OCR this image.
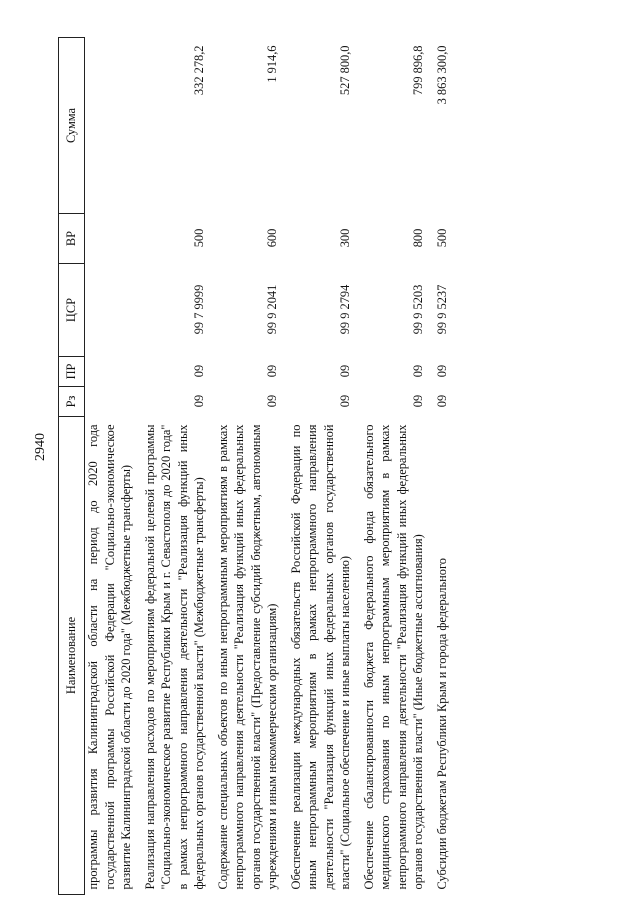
2940
Наименование	Рз	ПР	ЦСР	ВР	Сумма
программы развития Калининградской области на период до 2020 года государственной программы Российской Федерации "Социально-экономическое развитие Калининградской области до 2020 года" (Межбюджетные трансферты)					
Реализация направления расходов по мероприятиям федеральной целевой программы "Социально-экономическое развитие Республики Крым и г. Севастополя до 2020 года" в рамках непрограммного направления деятельности "Реализация функций иных федеральных органов государственной власти" (Межбюджетные трансферты)	09	09	99 7 9999	500	332 278,2
Содержание специальных объектов по иным непрограммным мероприятиям в рамках непрограммного направления деятельности "Реализация функций иных федеральных органов государственной власти" (Предоставление субсидий бюджетным, автономным учреждениям и иным некоммерческим организациям)	09	09	99 9 2041	600	1 914,6
Обеспечение реализации международных обязательств Российской Федерации по иным непрограммным мероприятиям в рамках непрограммного направления деятельности "Реализация функций иных федеральных органов государственной власти" (Социальное обеспечение и иные выплаты населению)	09	09	99 9 2794	300	527 800,0
Обеспечение сбалансированности бюджета Федерального фонда обязательного медицинского страхования по иным непрограммным мероприятиям в рамках непрограммного направления деятельности "Реализация функций иных федеральных органов государственной власти" (Иные бюджетные ассигнования)	09	09	99 9 5203	800	799 896,8
Субсидии бюджетам Республики Крым и города федерального	09	09	99 9 5237	500	3 863 300,0
